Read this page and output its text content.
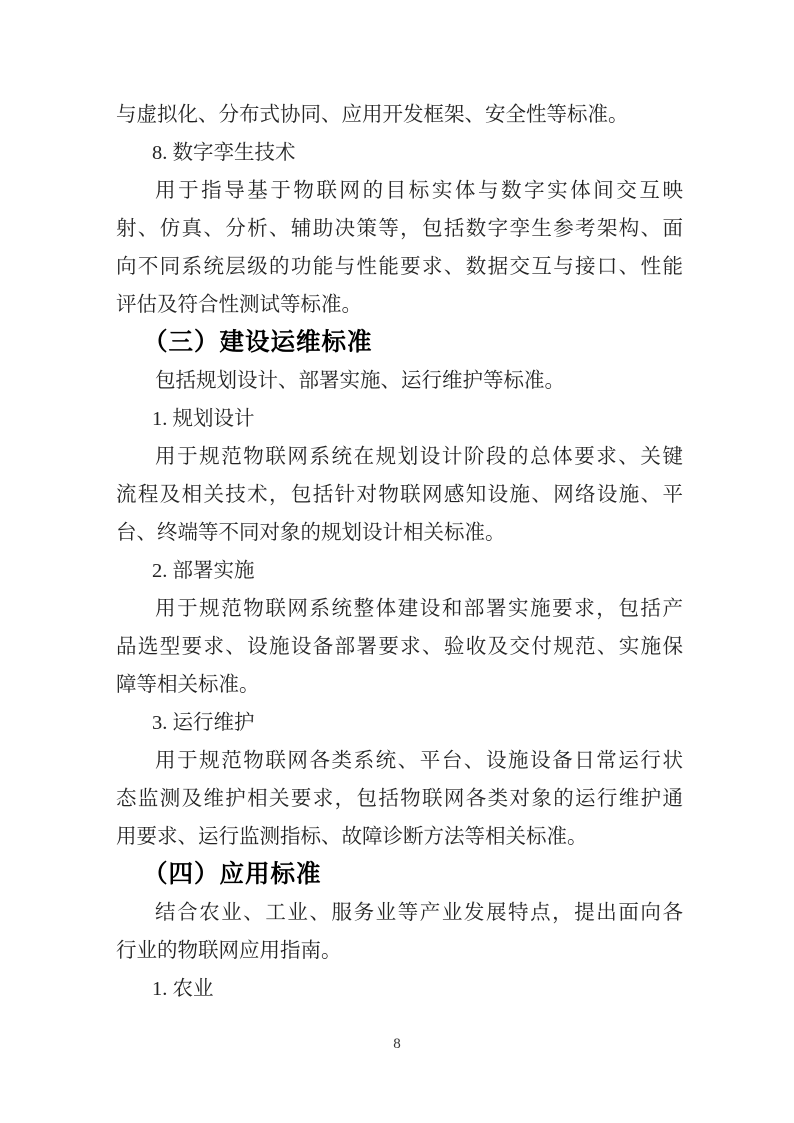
与虚拟化、分布式协同、应用开发框架、安全性等标准。
8. 数字孪生技术
用于指导基于物联网的目标实体与数字实体间交互映
射、仿真、分析、辅助决策等，包括数字孪生参考架构、面
向不同系统层级的功能与性能要求、数据交互与接口、性能
评估及符合性测试等标准。
（三）建设运维标准
包括规划设计、部署实施、运行维护等标准。
1. 规划设计
用于规范物联网系统在规划设计阶段的总体要求、关键
流程及相关技术，包括针对物联网感知设施、网络设施、平
台、终端等不同对象的规划设计相关标准。
2. 部署实施
用于规范物联网系统整体建设和部署实施要求，包括产
品选型要求、设施设备部署要求、验收及交付规范、实施保
障等相关标准。
3. 运行维护
用于规范物联网各类系统、平台、设施设备日常运行状
态监测及维护相关要求，包括物联网各类对象的运行维护通
用要求、运行监测指标、故障诊断方法等相关标准。
（四）应用标准
结合农业、工业、服务业等产业发展特点，提出面向各
行业的物联网应用指南。
1. 农业
8
